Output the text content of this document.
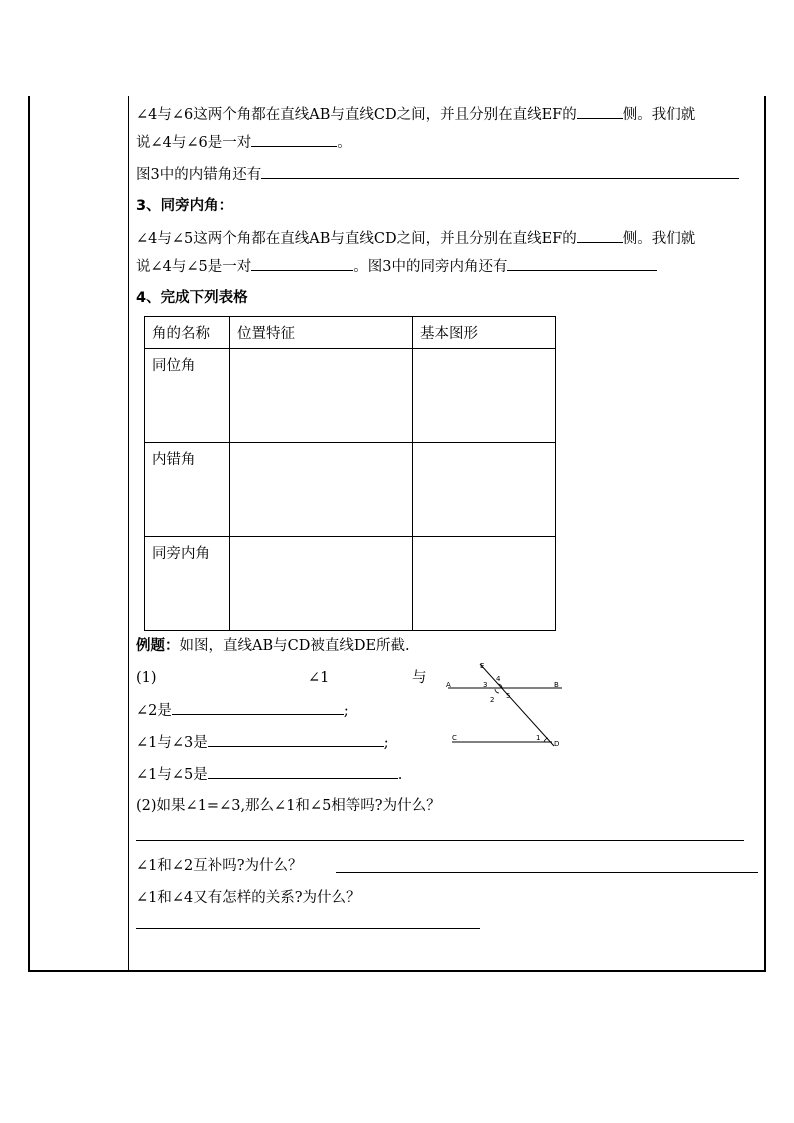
∠4与∠6这两个角都在直线AB与直线CD之间，并且分别在直线EF的	侧。我们就
说∠4与∠6是一对	。
图3中的内错角还有
3、同旁内角：
∠4与∠5这两个角都在直线AB与直线CD之间，并且分别在直线EF的	侧。我们就
说∠4与∠5是一对	。图3中的同旁内角还有
4、完成下列表格
角的名称	位置特征	基本图形
同位角		
内错角		
同旁内角		
例题：如图，直线AB与CD被直线DE所截.
(1)	∠1	与
∠2是	;
∠1与∠3是	;
∠1与∠5是	.
(2)如果∠1=∠3,那么∠1和∠5相等吗?为什么？
∠1和∠2互补吗?为什么？
∠1和∠4又有怎样的关系?为什么？
E
A	B
C
D
1
2
3
4
5
